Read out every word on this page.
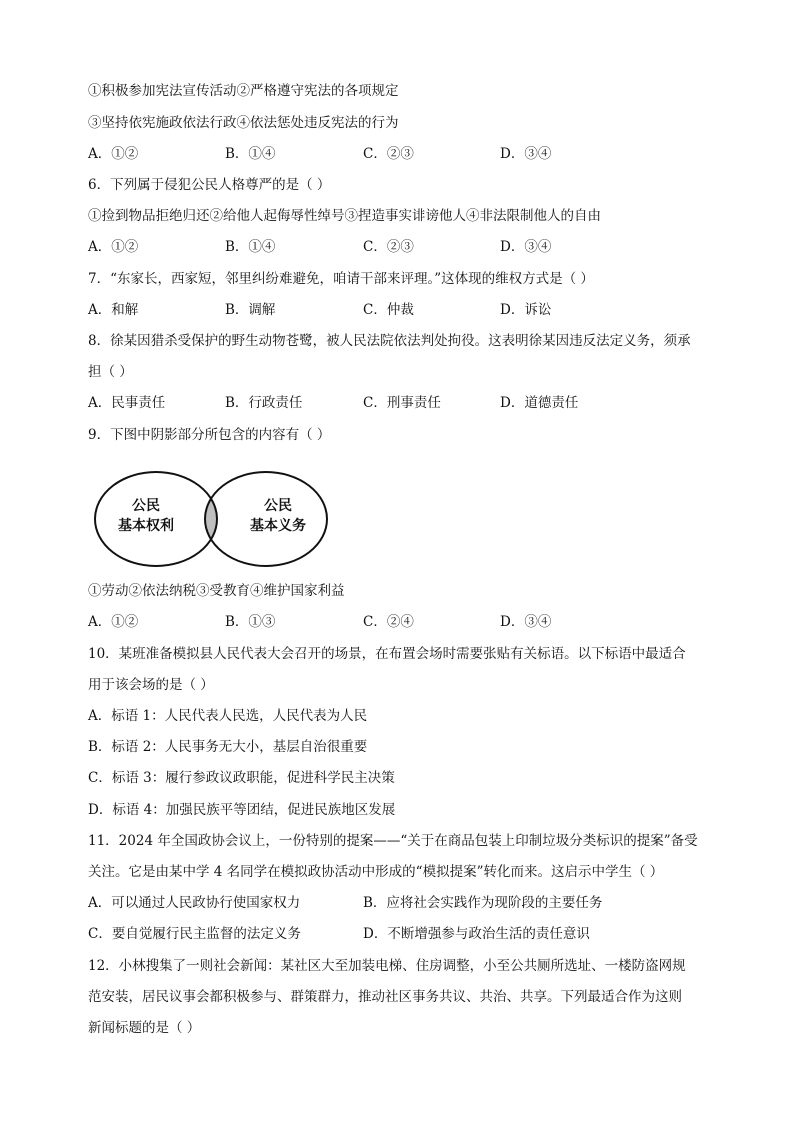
①积极参加宪法宣传活动②严格遵守宪法的各项规定
③坚持依宪施政依法行政④依法惩处违反宪法的行为
A．①②	B．①④	C．②③	D．③④
6．下列属于侵犯公民人格尊严的是（ ）
①捡到物品拒绝归还②给他人起侮辱性绰号③捏造事实诽谤他人④非法限制他人的自由
A．①②	B．①④	C．②③	D．③④
7．“东家长，西家短，邻里纠纷难避免，咱请干部来评理。”这体现的维权方式是（ ）
A．和解	B．调解	C．仲裁	D．诉讼
8．徐某因猎杀受保护的野生动物苍鹭，被人民法院依法判处拘役。这表明徐某因违反法定义务，须承
担（ ）
A．民事责任	B．行政责任	C．刑事责任	D．道德责任
9．下图中阴影部分所包含的内容有（ ）
公民
基本权利
公民
基本义务
①劳动②依法纳税③受教育④维护国家利益
A．①②	B．①③	C．②④	D．③④
10．某班准备模拟县人民代表大会召开的场景，在布置会场时需要张贴有关标语。以下标语中最适合
用于该会场的是（ ）
A．标语 1：人民代表人民选，人民代表为人民
B．标语 2：人民事务无大小，基层自治很重要
C．标语 3：履行参政议政职能，促进科学民主决策
D．标语 4：加强民族平等团结，促进民族地区发展
11．2024 年全国政协会议上，一份特别的提案——“关于在商品包装上印制垃圾分类标识的提案”备受
关注。它是由某中学 4 名同学在模拟政协活动中形成的“模拟提案”转化而来。这启示中学生（ ）
A．可以通过人民政协行使国家权力	B．应将社会实践作为现阶段的主要任务
C．要自觉履行民主监督的法定义务	D．不断增强参与政治生活的责任意识
12．小林搜集了一则社会新闻：某社区大至加装电梯、住房调整，小至公共厕所选址、一楼防盗网规
范安装，居民议事会都积极参与、群策群力，推动社区事务共议、共治、共享。下列最适合作为这则
新闻标题的是（ ）
